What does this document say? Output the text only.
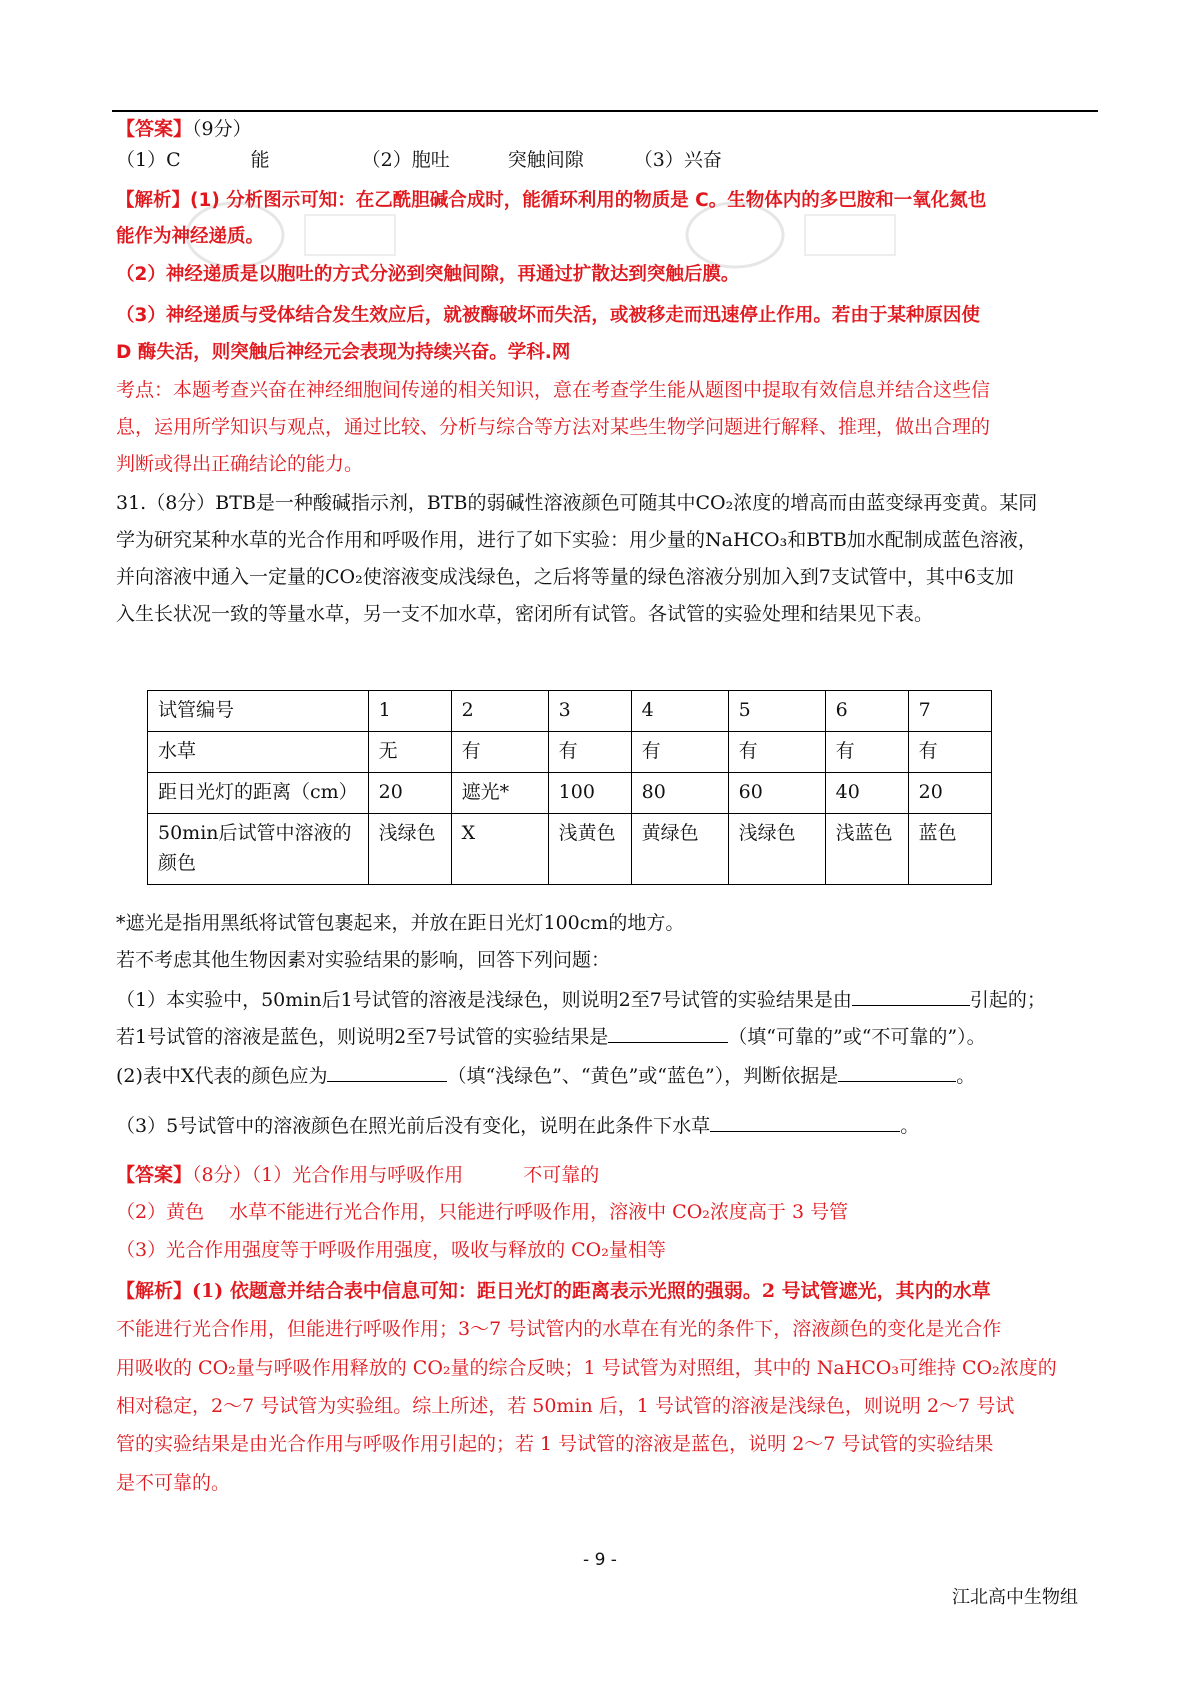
【答案】（9分）
（1）C	能	（2）胞吐	突触间隙	（3）兴奋
【解析】(1) 分析图示可知：在乙酰胆碱合成时，能循环利用的物质是 C。生物体内的多巴胺和一氧化氮也
能作为神经递质。
（2）神经递质是以胞吐的方式分泌到突触间隙，再通过扩散达到突触后膜。
（3）神经递质与受体结合发生效应后，就被酶破坏而失活，或被移走而迅速停止作用。若由于某种原因使
D 酶失活，则突触后神经元会表现为持续兴奋。学科.网
考点：本题考查兴奋在神经细胞间传递的相关知识，意在考查学生能从题图中提取有效信息并结合这些信
息，运用所学知识与观点，通过比较、分析与综合等方法对某些生物学问题进行解释、推理，做出合理的
判断或得出正确结论的能力。
31.（8分）BTB是一种酸碱指示剂，BTB的弱碱性溶液颜色可随其中CO₂浓度的增高而由蓝变绿再变黄。某同
学为研究某种水草的光合作用和呼吸作用，进行了如下实验：用少量的NaHCO₃和BTB加水配制成蓝色溶液，
并向溶液中通入一定量的CO₂使溶液变成浅绿色，之后将等量的绿色溶液分别加入到7支试管中，其中6支加
入生长状况一致的等量水草，另一支不加水草，密闭所有试管。各试管的实验处理和结果见下表。
试管编号	1	2	3	4	5	6	7
水草	无	有	有	有	有	有	有
距日光灯的距离（cm）	20	遮光*	100	80	60	40	20
50min后试管中溶液的颜色	浅绿色	X	浅黄色	黄绿色	浅绿色	浅蓝色	蓝色
*遮光是指用黑纸将试管包裹起来，并放在距日光灯100cm的地方。
若不考虑其他生物因素对实验结果的影响，回答下列问题：
（1）本实验中，50min后1号试管的溶液是浅绿色，则说明2至7号试管的实验结果是由	引起的；
若1号试管的溶液是蓝色，则说明2至7号试管的实验结果是	（填“可靠的”或“不可靠的”）。
(2)表中X代表的颜色应为	（填“浅绿色”、“黄色”或“蓝色”），判断依据是	。
（3）5号试管中的溶液颜色在照光前后没有变化，说明在此条件下水草	。
【答案】（8分）（1）光合作用与呼吸作用	不可靠的
（2）黄色　 水草不能进行光合作用，只能进行呼吸作用，溶液中 CO₂浓度高于 3 号管
（3）光合作用强度等于呼吸作用强度，吸收与释放的 CO₂量相等
【解析】(1) 依题意并结合表中信息可知：距日光灯的距离表示光照的强弱。2 号试管遮光，其内的水草
不能进行光合作用，但能进行呼吸作用；3～7 号试管内的水草在有光的条件下，溶液颜色的变化是光合作
用吸收的 CO₂量与呼吸作用释放的 CO₂量的综合反映；1 号试管为对照组，其中的 NaHCO₃可维持 CO₂浓度的
相对稳定，2～7 号试管为实验组。综上所述，若 50min 后，1 号试管的溶液是浅绿色，则说明 2～7 号试
管的实验结果是由光合作用与呼吸作用引起的；若 1 号试管的溶液是蓝色，说明 2～7 号试管的实验结果
是不可靠的。
- 9 -
江北高中生物组
